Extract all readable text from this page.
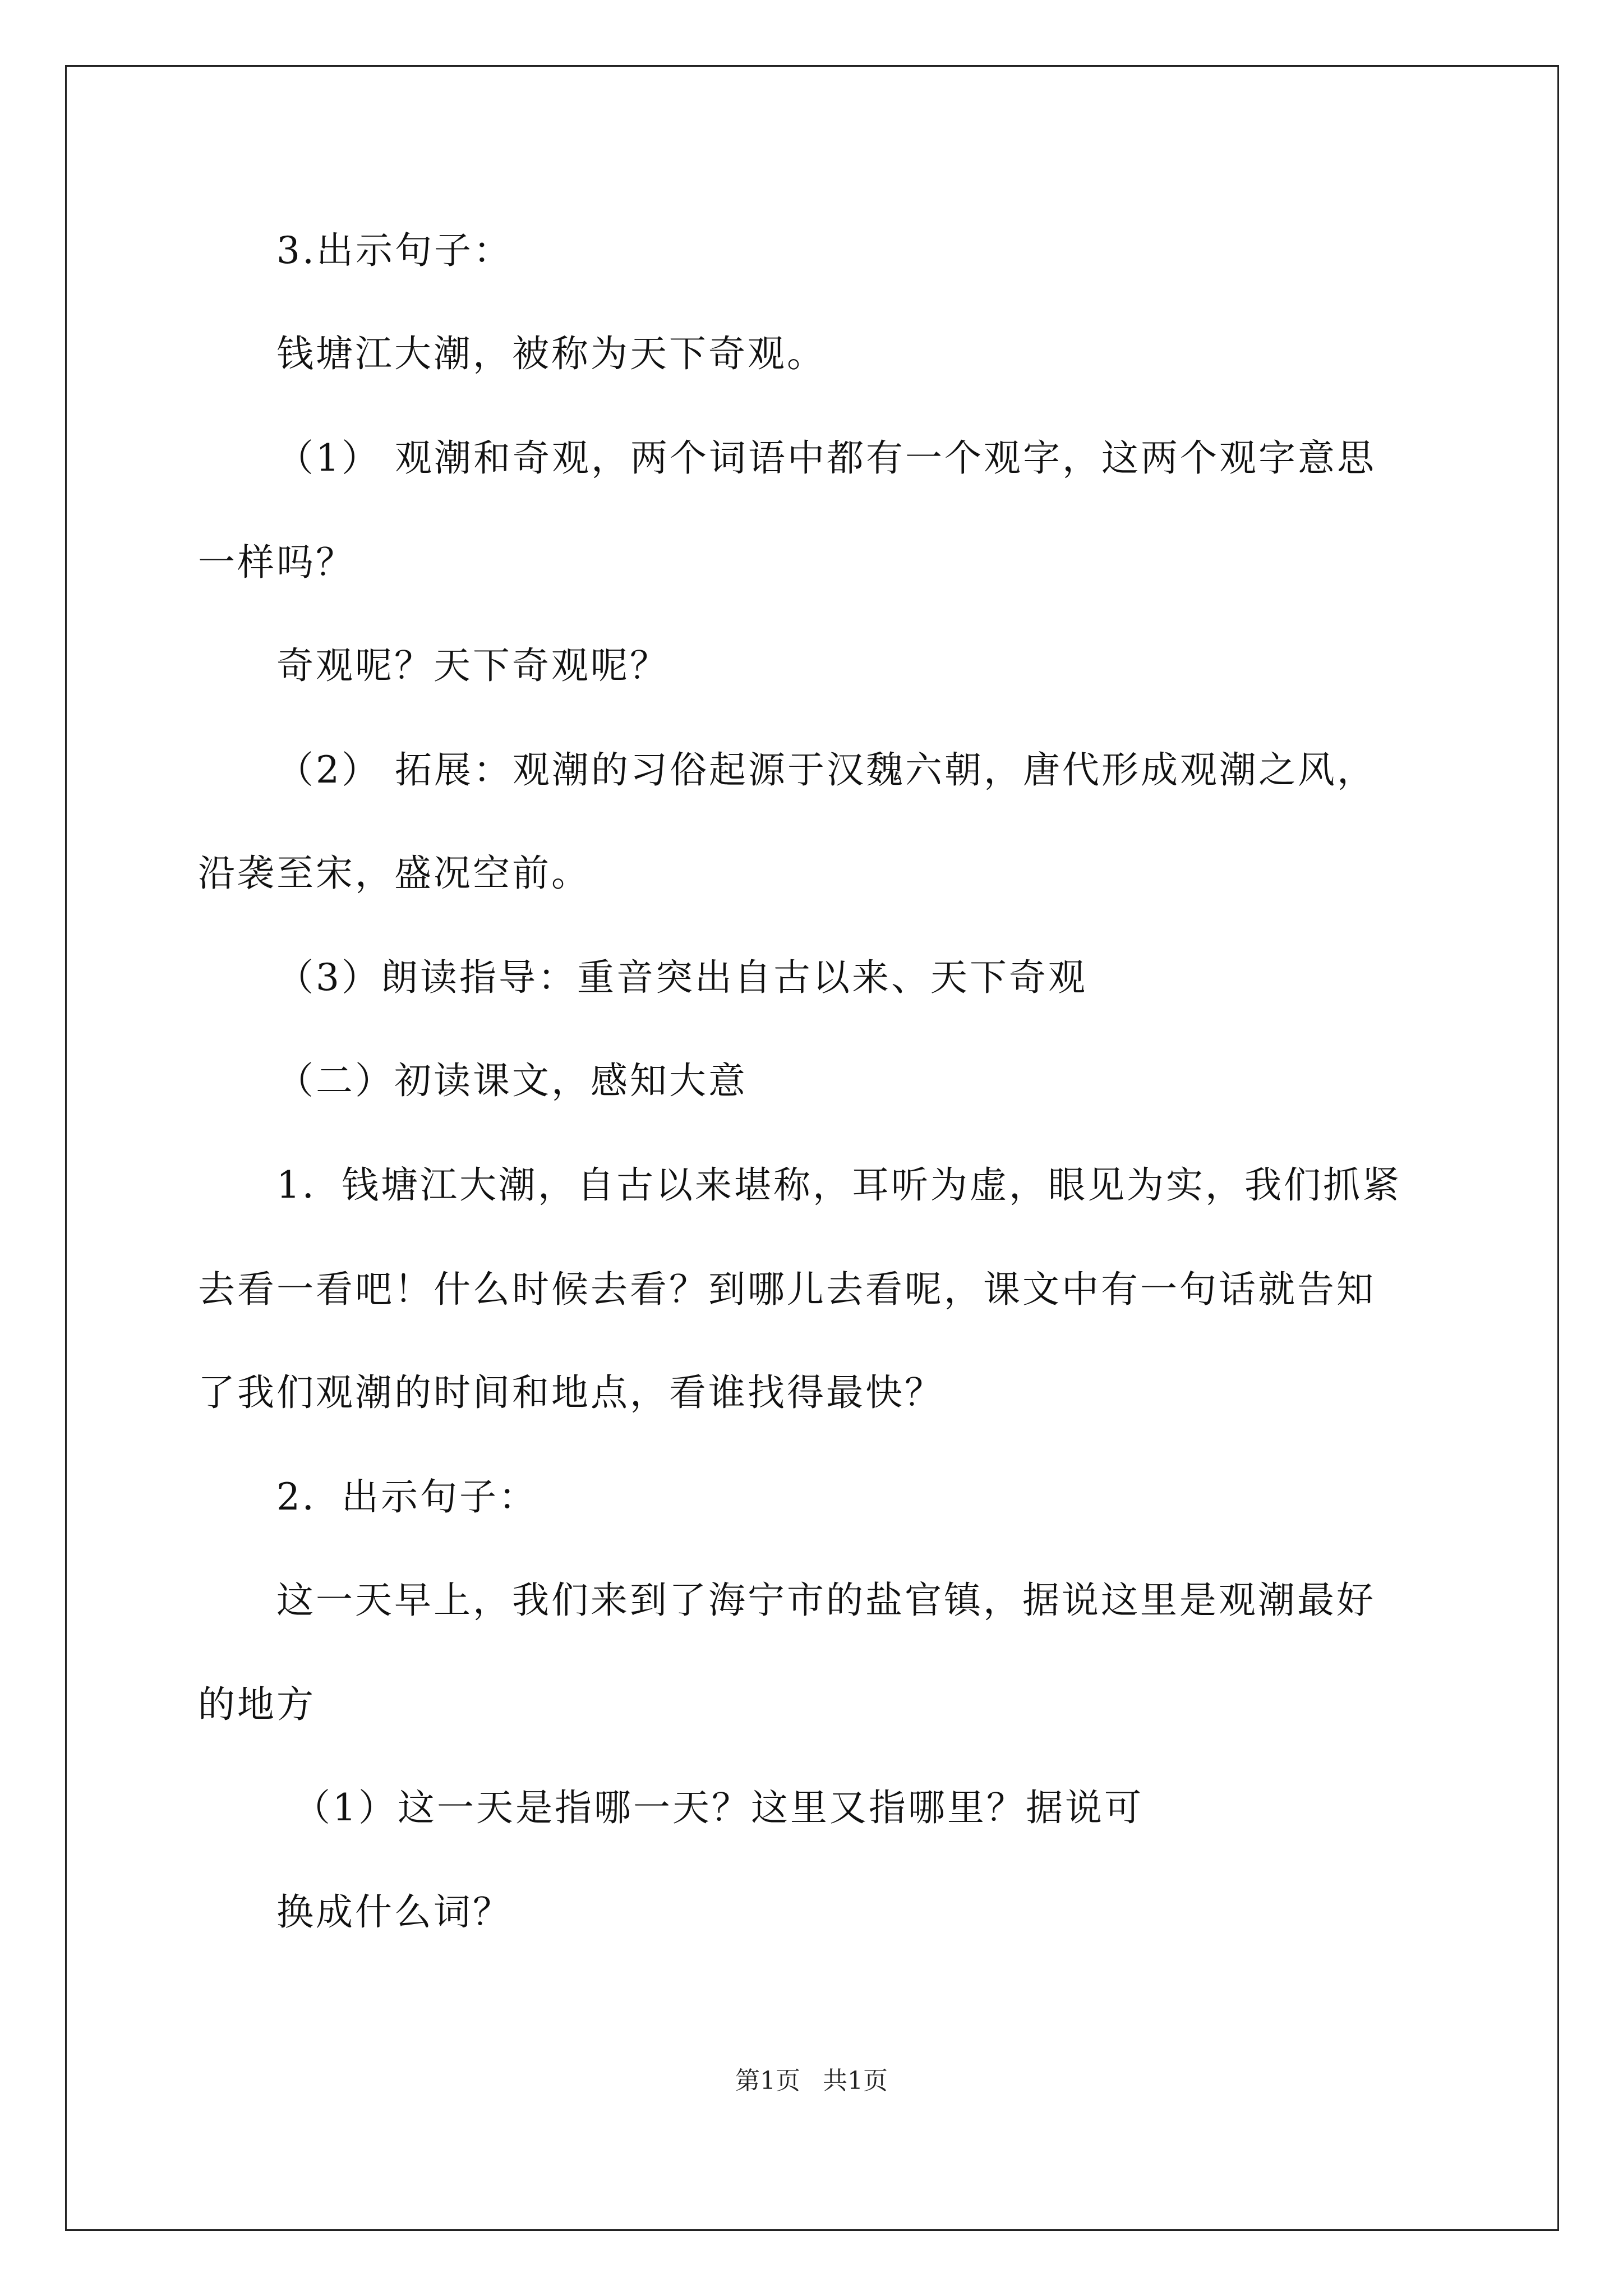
3.出示句子：

钱塘江大潮，被称为天下奇观。

（1） 观潮和奇观，两个词语中都有一个观字，这两个观字意思

一样吗？

奇观呢？天下奇观呢？

（2） 拓展：观潮的习俗起源于汉魏六朝，唐代形成观潮之风，

沿袭至宋，盛况空前。

（3）朗读指导：重音突出自古以来、天下奇观

（二）初读课文，感知大意

1．钱塘江大潮，自古以来堪称，耳听为虚，眼见为实，我们抓紧

去看一看吧！什么时候去看？到哪儿去看呢，课文中有一句话就告知

了我们观潮的时间和地点，看谁找得最快？

2．出示句子：

这一天早上，我们来到了海宁市的盐官镇，据说这里是观潮最好

的地方

（1）这一天是指哪一天？这里又指哪里？据说可

换成什么词？

第1页 共1页
